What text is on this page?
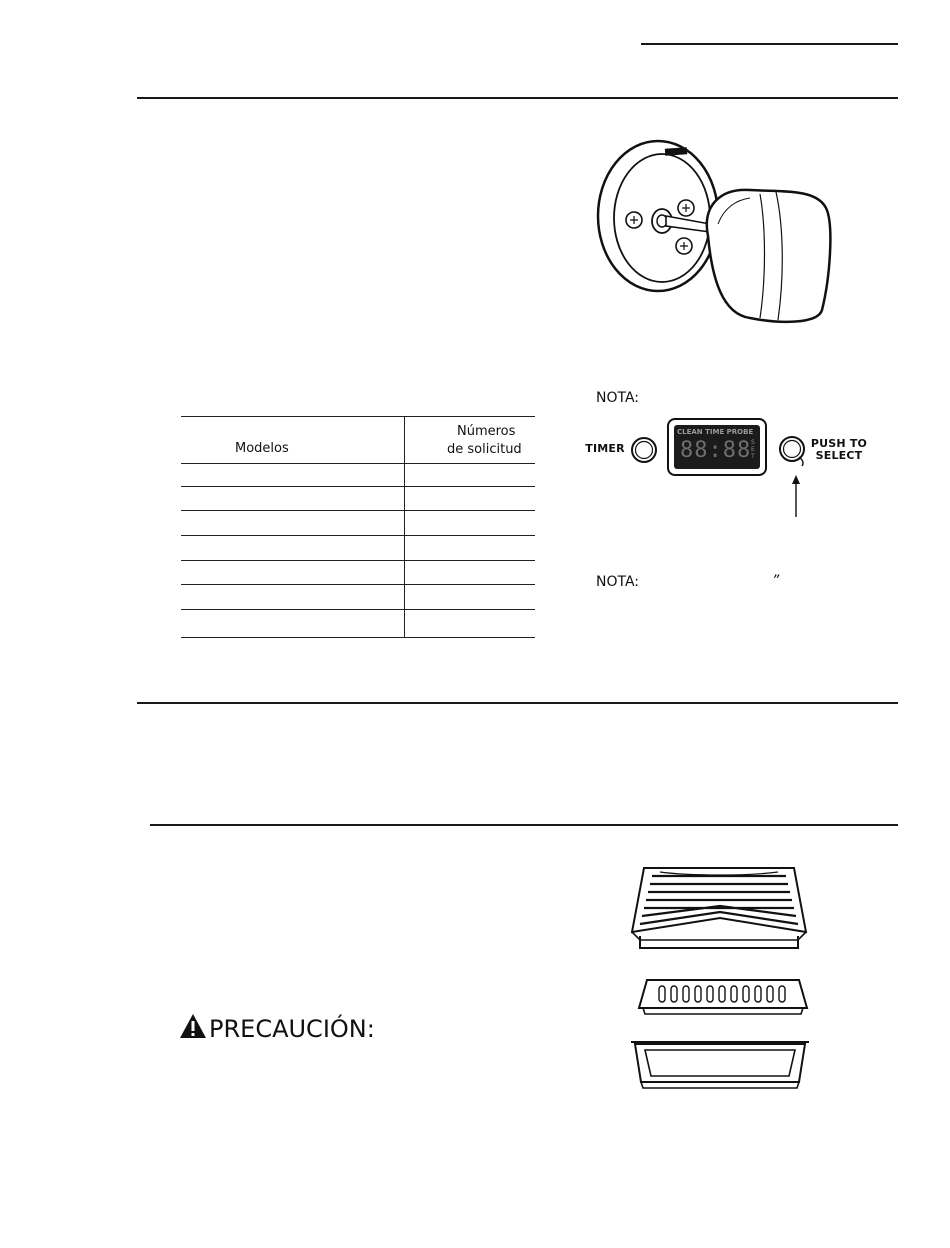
Modelos
Números
de solicitud
NOTA:
NOTA:	”
TIMER
CLEAN TIME PROBE
88:88 SET
PUSH TO
SELECT
PRECAUCIÓN:
